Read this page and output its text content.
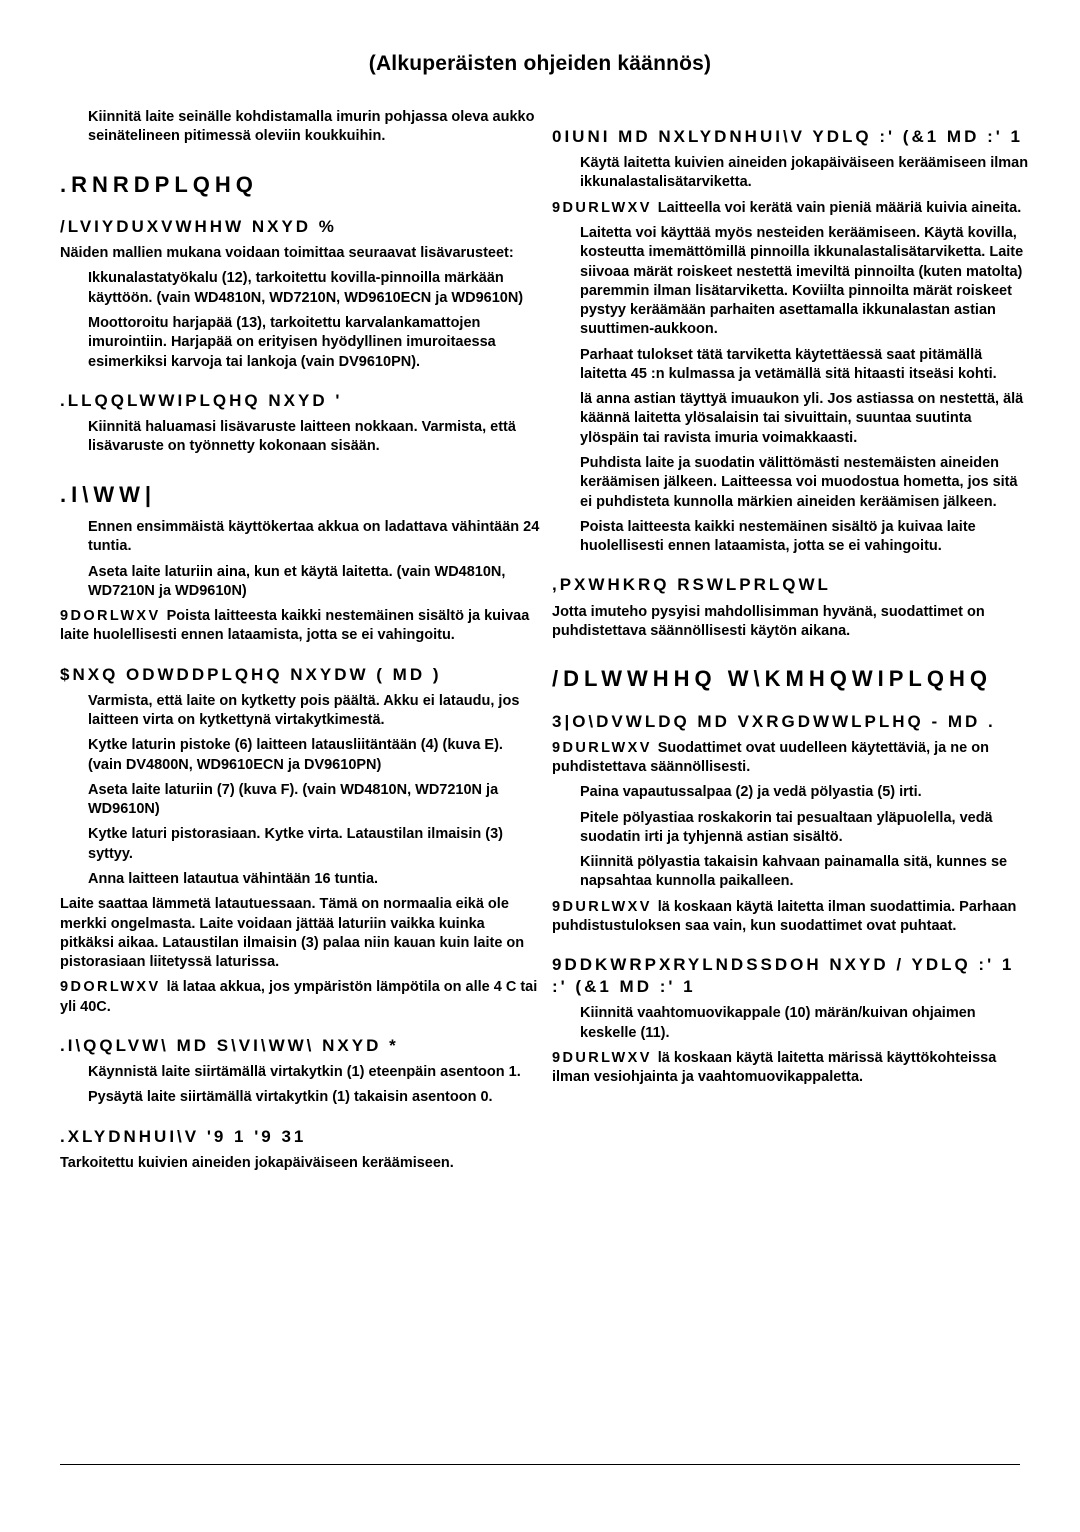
(Alkuperäisten ohjeiden käännös)

Kiinnitä laite seinälle kohdistamalla imurin pohjassa oleva aukko seinätelineen pitimessä oleviin koukkuihin.

.RNRDPLQHQ
/LVIYDUXVWHHW NXYD %

Näiden mallien mukana voidaan toimittaa seuraavat lisävarusteet:

Ikkunalastatyökalu (12), tarkoitettu kovilla-pinnoilla märkään käyttöön. (vain WD4810N, WD7210N, WD9610ECN ja WD9610N)

Moottoroitu harjapää (13), tarkoitettu karvalankamattojen imurointiin. Harjapää on erityisen hyödyllinen imuroitaessa esimerkiksi karvoja tai lankoja (vain DV9610PN).

.LLQQLWWIPLQHQ NXYD '

Kiinnitä haluamasi lisävaruste laitteen nokkaan. Varmista, että lisävaruste on työnnetty kokonaan sisään.

.I\WW|

Ennen ensimmäistä käyttökertaa akkua on ladattava vähintään 24 tuntia.

Aseta laite laturiin aina, kun et käytä laitetta. (vain WD4810N, WD7210N ja WD9610N)

9DORLWXV Poista laitteesta kaikki nestemäinen sisältö ja kuivaa laite huolellisesti ennen lataamista, jotta se ei vahingoitu.
$NXQ ODWDDPLQHQ NXYDW ( MD )

Varmista, että laite on kytketty pois päältä. Akku ei lataudu, jos laitteen virta on kytkettynä virtakytkimestä.

Kytke laturin pistoke (6) laitteen latausliitäntään (4) (kuva E). (vain DV4800N, WD9610ECN ja DV9610PN)

Aseta laite laturiin (7) (kuva F). (vain WD4810N, WD7210N ja WD9610N)

Kytke laturi pistorasiaan. Kytke virta. Lataustilan ilmaisin (3) syttyy.

Anna laitteen latautua vähintään 16 tuntia.

Laite saattaa lämmetä latautuessaan. Tämä on normaalia eikä ole merkki ongelmasta. Laite voidaan jättää laturiin vaikka kuinka pitkäksi aikaa. Lataustilan ilmaisin (3) palaa niin kauan kuin laite on pistorasiaan liitetyssä laturissa.

9DORLWXV lä lataa akkua, jos ympäristön lämpötila on alle 4 C tai yli 40C.
.I\QQLVW\ MD S\VI\WW\ NXYD *

Käynnistä laite siirtämällä virtakytkin (1) eteenpäin asentoon 1.

Pysäytä laite siirtämällä virtakytkin (1) takaisin asentoon 0.

.XLYDNHUI\V '9 1 '9 31

Tarkoitettu kuivien aineiden jokapäiväiseen keräämiseen.

0IUNI MD NXLYDNHUI\V YDLQ :' (&1 MD :' 1

Käytä laitetta kuivien aineiden jokapäiväiseen keräämiseen ilman ikkunalastalisätarviketta.

9DURLWXV Laitteella voi kerätä vain pieniä määriä kuivia aineita.

Laitetta voi käyttää myös nesteiden keräämiseen. Käytä kovilla, kosteutta imemättömillä pinnoilla ikkunalastalisätarviketta. Laite siivoaa märät roiskeet nestettä imeviltä pinnoilta (kuten matolta) paremmin ilman lisätarviketta. Koviilta pinnoilta märät roiskeet pystyy keräämään parhaiten asettamalla ikkunalastan astian suuttimen-aukkoon.

Parhaat tulokset tätä tarviketta käytettäessä saat pitämällä laitetta 45 :n kulmassa ja vetämällä sitä hitaasti itseäsi kohti.

lä anna astian täyttyä imuaukon yli. Jos astiassa on nestettä, älä käännä laitetta ylösalaisin tai sivuittain, suuntaa suutinta ylöspäin tai ravista imuria voimakkaasti.

Puhdista laite ja suodatin välittömästi nestemäisten aineiden keräämisen jälkeen. Laitteessa voi muodostua hometta, jos sitä ei puhdisteta kunnolla märkien aineiden keräämisen jälkeen.

Poista laitteesta kaikki nestemäinen sisältö ja kuivaa laite huolellisesti ennen lataamista, jotta se ei vahingoitu.

,PXWHKRQ RSWLPRLQWL

Jotta imuteho pysyisi mahdollisimman hyvänä, suodattimet on puhdistettava säännöllisesti käytön aikana.

/DLWWHHQ W\KMHQWIPLQHQ
3|O\DVWLDQ MD VXRGDWWLPLHQ - MD .
9DURLWXV Suodattimet ovat uudelleen käytettäviä, ja ne on puhdistettava säännöllisesti.

Paina vapautussalpaa (2) ja vedä pölyastia (5) irti.

Pitele pölyastiaa roskakorin tai pesualtaan yläpuolella, vedä suodatin irti ja tyhjennä astian sisältö.

Kiinnitä pölyastia takaisin kahvaan painamalla sitä, kunnes se napsahtaa kunnolla paikalleen.

9DURLWXV lä koskaan käytä laitetta ilman suodattimia. Parhaan puhdistustuloksen saa vain, kun suodattimet ovat puhtaat.
9DDKWRPXRYLNDSSDOH NXYD / YDLQ :' 1 :' (&1 MD :' 1

Kiinnitä vaahtomuovikappale (10) märän/kuivan ohjaimen keskelle (11).

9DURLWXV lä koskaan käytä laitetta märissä käyttökohteissa ilman vesiohjainta ja vaahtomuovikappaletta.
